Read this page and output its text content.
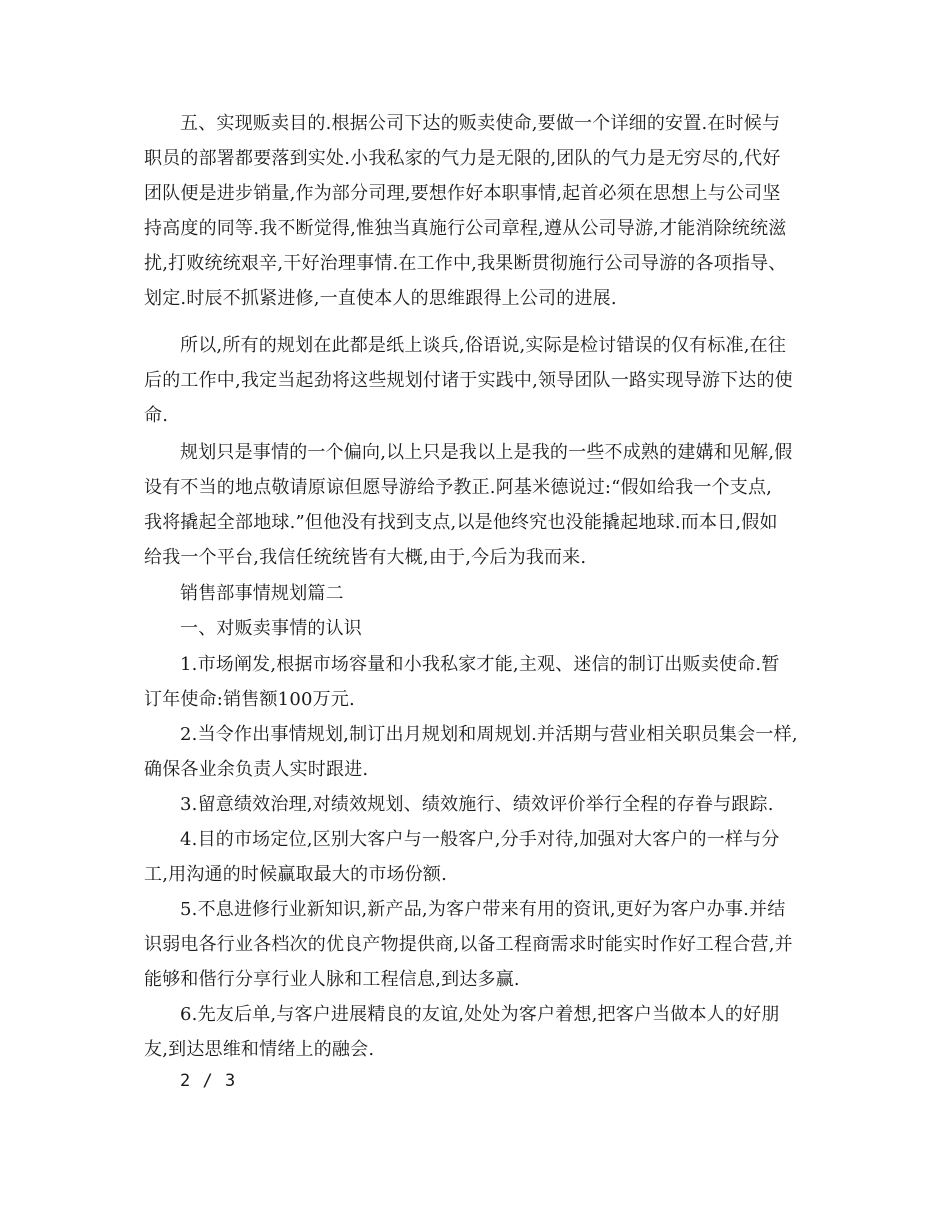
五、实现贩卖目的.根据公司下达的贩卖使命,要做一个详细的安置.在时候与
职员的部署都要落到实处.小我私家的气力是无限的,团队的气力是无穷尽的,代好
团队便是进步销量,作为部分司理,要想作好本职事情,起首必须在思想上与公司坚
持高度的同等.我不断觉得,惟独当真施行公司章程,遵从公司导游,才能消除统统滋
扰,打败统统艰辛,干好治理事情.在工作中,我果断贯彻施行公司导游的各项指导、
划定.时辰不抓紧进修,一直使本人的思维跟得上公司的进展.
所以,所有的规划在此都是纸上谈兵,俗语说,实际是检讨错误的仅有标准,在往
后的工作中,我定当起劲将这些规划付诸于实践中,领导团队一路实现导游下达的使
命.
规划只是事情的一个偏向,以上只是我以上是我的一些不成熟的建媾和见解,假
设有不当的地点敬请原谅但愿导游给予教正.阿基米德说过:“假如给我一个支点,
我将撬起全部地球.”但他没有找到支点,以是他终究也没能撬起地球.而本日,假如
给我一个平台,我信任统统皆有大概,由于,今后为我而来.
销售部事情规划篇二
一、对贩卖事情的认识
1.市场阐发,根据市场容量和小我私家才能,主观、迷信的制订出贩卖使命.暂
订年使命:销售额100万元.
2.当令作出事情规划,制订出月规划和周规划.并活期与营业相关职员集会一样,
确保各业余负责人实时跟进.
3.留意绩效治理,对绩效规划、绩效施行、绩效评价举行全程的存眷与跟踪.
4.目的市场定位,区别大客户与一般客户,分手对待,加强对大客户的一样与分
工,用沟通的时候赢取最大的市场份额.
5.不息进修行业新知识,新产品,为客户带来有用的资讯,更好为客户办事.并结
识弱电各行业各档次的优良产物提供商,以备工程商需求时能实时作好工程合营,并
能够和偕行分享行业人脉和工程信息,到达多赢.
6.先友后单,与客户进展精良的友谊,处处为客户着想,把客户当做本人的好朋
友,到达思维和情绪上的融会.
2 / 3
